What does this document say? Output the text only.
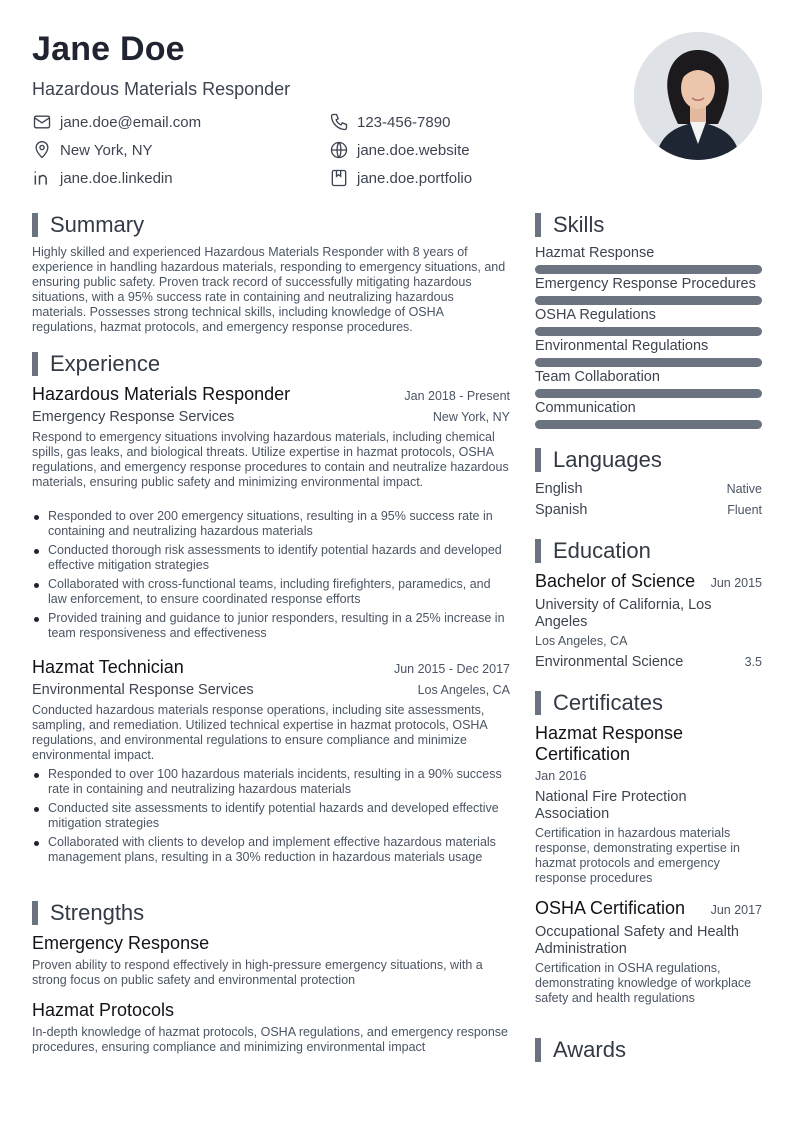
Jane Doe
Hazardous Materials Responder
jane.doe@email.com	123-456-7890
New York, NY	jane.doe.website
jane.doe.linkedin	jane.doe.portfolio
Summary
Highly skilled and experienced Hazardous Materials Responder with 8 years of experience in handling hazardous materials, responding to emergency situations, and ensuring public safety. Proven track record of successfully mitigating hazardous situations, with a 95% success rate in containing and neutralizing hazardous materials. Possesses strong technical skills, including knowledge of OSHA regulations, hazmat protocols, and emergency response procedures.
Experience
Hazardous Materials Responder	Jan 2018 - Present
Emergency Response Services	New York, NY
Respond to emergency situations involving hazardous materials, including chemical spills, gas leaks, and biological threats. Utilize expertise in hazmat protocols, OSHA regulations, and emergency response procedures to contain and neutralize hazardous materials, ensuring public safety and minimizing environmental impact.
Responded to over 200 emergency situations, resulting in a 95% success rate in containing and neutralizing hazardous materials
Conducted thorough risk assessments to identify potential hazards and developed effective mitigation strategies
Collaborated with cross-functional teams, including firefighters, paramedics, and law enforcement, to ensure coordinated response efforts
Provided training and guidance to junior responders, resulting in a 25% increase in team responsiveness and effectiveness
Hazmat Technician	Jun 2015 - Dec 2017
Environmental Response Services	Los Angeles, CA
Conducted hazardous materials response operations, including site assessments, sampling, and remediation. Utilized technical expertise in hazmat protocols, OSHA regulations, and environmental regulations to ensure compliance and minimize environmental impact.
Responded to over 100 hazardous materials incidents, resulting in a 90% success rate in containing and neutralizing hazardous materials
Conducted site assessments to identify potential hazards and developed effective mitigation strategies
Collaborated with clients to develop and implement effective hazardous materials management plans, resulting in a 30% reduction in hazardous materials usage
Strengths
Emergency Response
Proven ability to respond effectively in high-pressure emergency situations, with a strong focus on public safety and environmental protection
Hazmat Protocols
In-depth knowledge of hazmat protocols, OSHA regulations, and emergency response procedures, ensuring compliance and minimizing environmental impact
Skills
Hazmat Response
Emergency Response Procedures
OSHA Regulations
Environmental Regulations
Team Collaboration
Communication
Languages
English	Native
Spanish	Fluent
Education
Bachelor of Science Jun 2015
University of California, Los Angeles
Los Angeles, CA
Environmental Science	3.5
Certificates
Hazmat Response Certification
Jan 2016
National Fire Protection Association
Certification in hazardous materials response, demonstrating expertise in hazmat protocols and emergency response procedures
OSHA Certification Jun 2017
Occupational Safety and Health Administration
Certification in OSHA regulations, demonstrating knowledge of workplace safety and health regulations
Awards
